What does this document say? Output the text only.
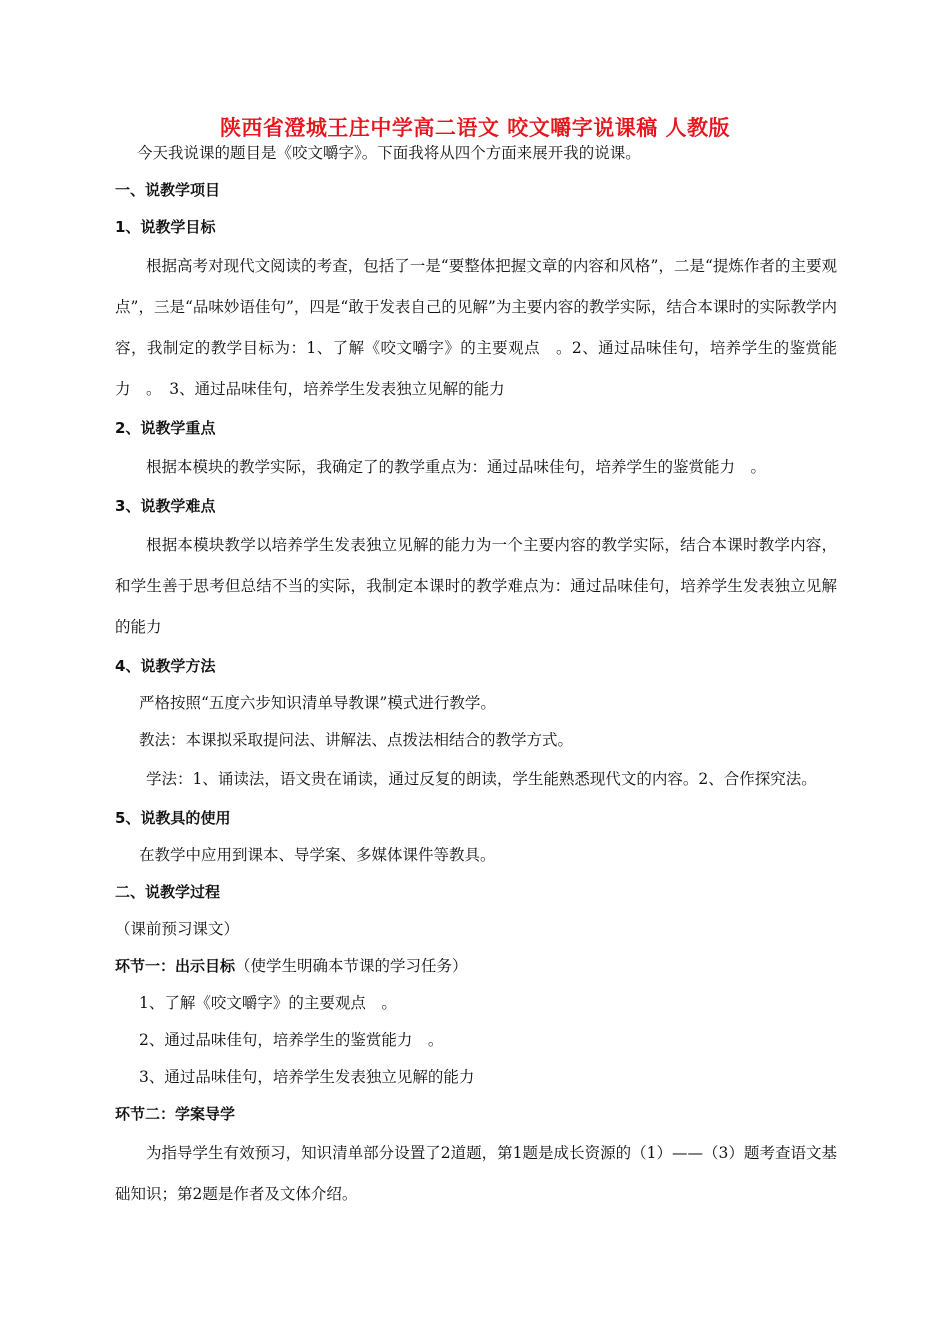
陕西省澄城王庄中学高二语文 咬文嚼字说课稿 人教版

今天我说课的题目是《咬文嚼字》。下面我将从四个方面来展开我的说课。

一、说教学项目

1、说教学目标

根据高考对现代文阅读的考查，包括了一是“要整体把握文章的内容和风格”，二是“提炼作者的主要观点”，三是“品味妙语佳句”，四是“敢于发表自己的见解”为主要内容的教学实际，结合本课时的实际教学内容，我制定的教学目标为：1、了解《咬文嚼字》的主要观点　。2、通过品味佳句，培养学生的鉴赏能力　。　3、通过品味佳句，培养学生发表独立见解的能力

2、说教学重点

根据本模块的教学实际，我确定了的教学重点为：通过品味佳句，培养学生的鉴赏能力　。

3、说教学难点

根据本模块教学以培养学生发表独立见解的能力为一个主要内容的教学实际，结合本课时教学内容，和学生善于思考但总结不当的实际，我制定本课时的教学难点为：通过品味佳句，培养学生发表独立见解的能力

4、说教学方法

严格按照“五度六步知识清单导教课”模式进行教学。

教法：本课拟采取提问法、讲解法、点拨法相结合的教学方式。

学法：1、诵读法，语文贵在诵读，通过反复的朗读，学生能熟悉现代文的内容。2、合作探究法。

5、说教具的使用

在教学中应用到课本、导学案、多媒体课件等教具。

二、说教学过程

（课前预习课文）

环节一：出示目标（使学生明确本节课的学习任务）

1、了解《咬文嚼字》的主要观点　。

2、通过品味佳句，培养学生的鉴赏能力　。

3、通过品味佳句，培养学生发表独立见解的能力

环节二：学案导学

为指导学生有效预习，知识清单部分设置了2道题，第1题是成长资源的（1）——（3）题考查语文基础知识；第2题是作者及文体介绍。
